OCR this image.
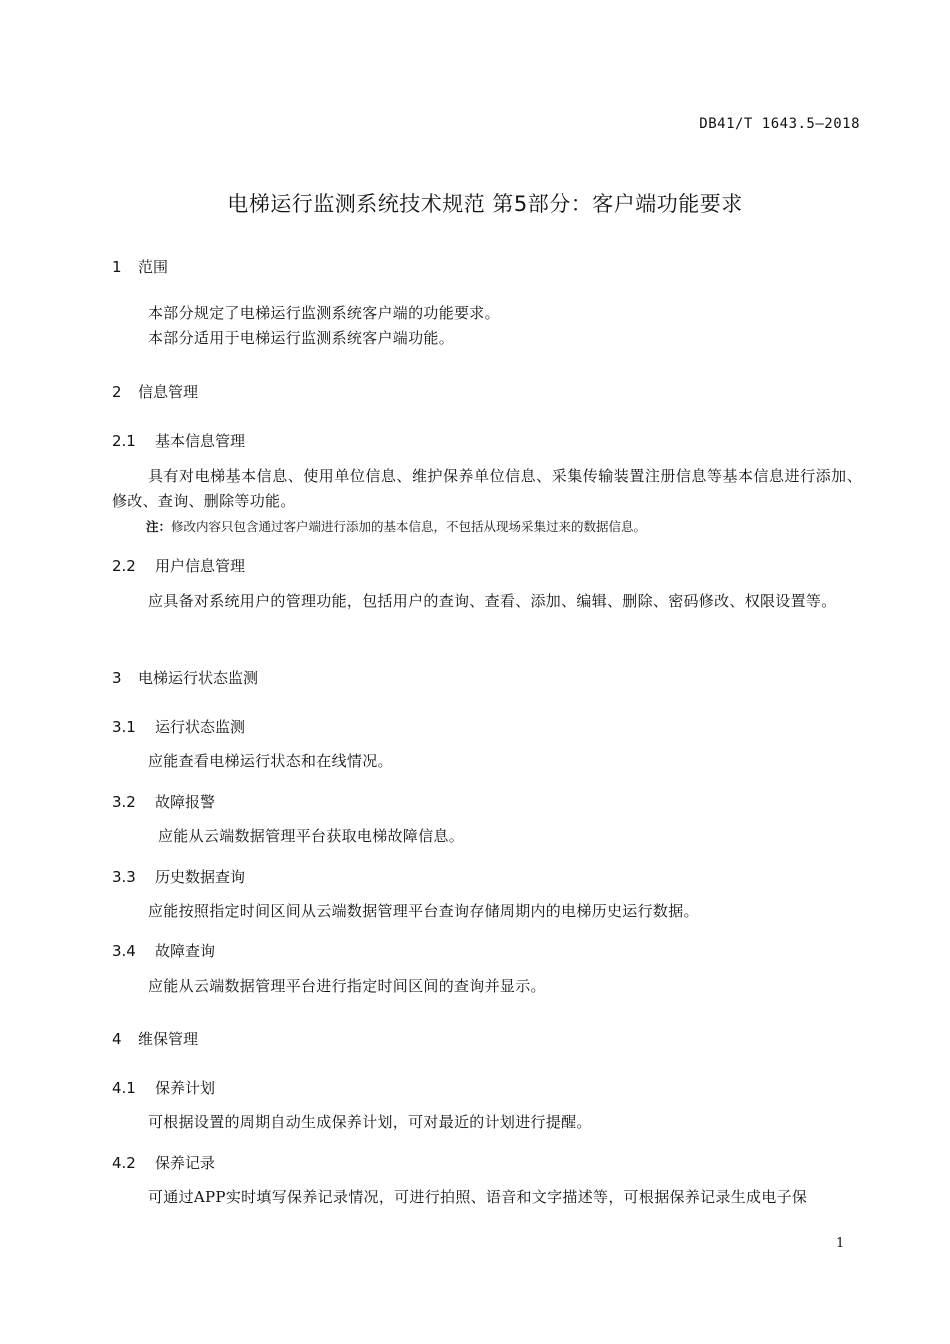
DB41/T 1643.5—2018
电梯运行监测系统技术规范 第5部分：客户端功能要求
1 范围
本部分规定了电梯运行监测系统客户端的功能要求。
本部分适用于电梯运行监测系统客户端功能。
2 信息管理
2.1 基本信息管理
具有对电梯基本信息、使用单位信息、维护保养单位信息、采集传输装置注册信息等基本信息进行添加、修改、查询、删除等功能。
注：修改内容只包含通过客户端进行添加的基本信息，不包括从现场采集过来的数据信息。
2.2 用户信息管理
应具备对系统用户的管理功能，包括用户的查询、查看、添加、编辑、删除、密码修改、权限设置等。
3 电梯运行状态监测
3.1 运行状态监测
应能查看电梯运行状态和在线情况。
3.2 故障报警
应能从云端数据管理平台获取电梯故障信息。
3.3 历史数据查询
应能按照指定时间区间从云端数据管理平台查询存储周期内的电梯历史运行数据。
3.4 故障查询
应能从云端数据管理平台进行指定时间区间的查询并显示。
4 维保管理
4.1 保养计划
可根据设置的周期自动生成保养计划，可对最近的计划进行提醒。
4.2 保养记录
可通过APP实时填写保养记录情况，可进行拍照、语音和文字描述等，可根据保养记录生成电子保
1
